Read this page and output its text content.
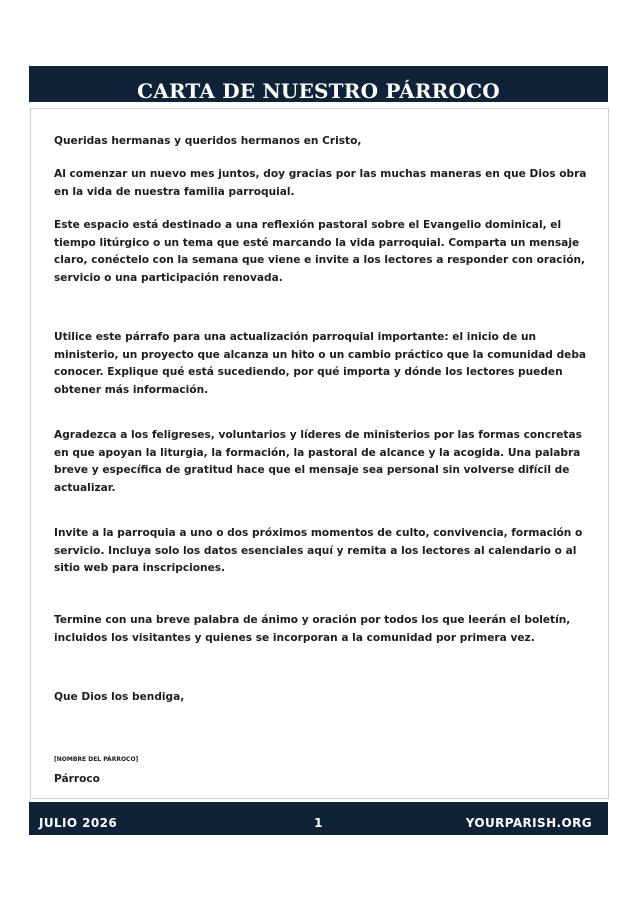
CARTA DE NUESTRO PÁRROCO

Queridas hermanas y queridos hermanos en Cristo,

Al comenzar un nuevo mes juntos, doy gracias por las muchas maneras en que Dios obra en la vida de nuestra familia parroquial.

Este espacio está destinado a una reflexión pastoral sobre el Evangelio dominical, el tiempo litúrgico o un tema que esté marcando la vida parroquial. Comparta un mensaje claro, conéctelo con la semana que viene e invite a los lectores a responder con oración, servicio o una participación renovada.

Utilice este párrafo para una actualización parroquial importante: el inicio de un ministerio, un proyecto que alcanza un hito o un cambio práctico que la comunidad deba conocer. Explique qué está sucediendo, por qué importa y dónde los lectores pueden obtener más información.

Agradezca a los feligreses, voluntarios y líderes de ministerios por las formas concretas en que apoyan la liturgia, la formación, la pastoral de alcance y la acogida. Una palabra breve y específica de gratitud hace que el mensaje sea personal sin volverse difícil de actualizar.

Invite a la parroquia a uno o dos próximos momentos de culto, convivencia, formación o servicio. Incluya solo los datos esenciales aquí y remita a los lectores al calendario o al sitio web para inscripciones.

Termine con una breve palabra de ánimo y oración por todos los que leerán el boletín, incluidos los visitantes y quienes se incorporan a la comunidad por primera vez.

Que Dios los bendiga,

[NOMBRE DEL PÁRROCO]

Párroco

JULIO 2026	1	YOURPARISH.ORG
